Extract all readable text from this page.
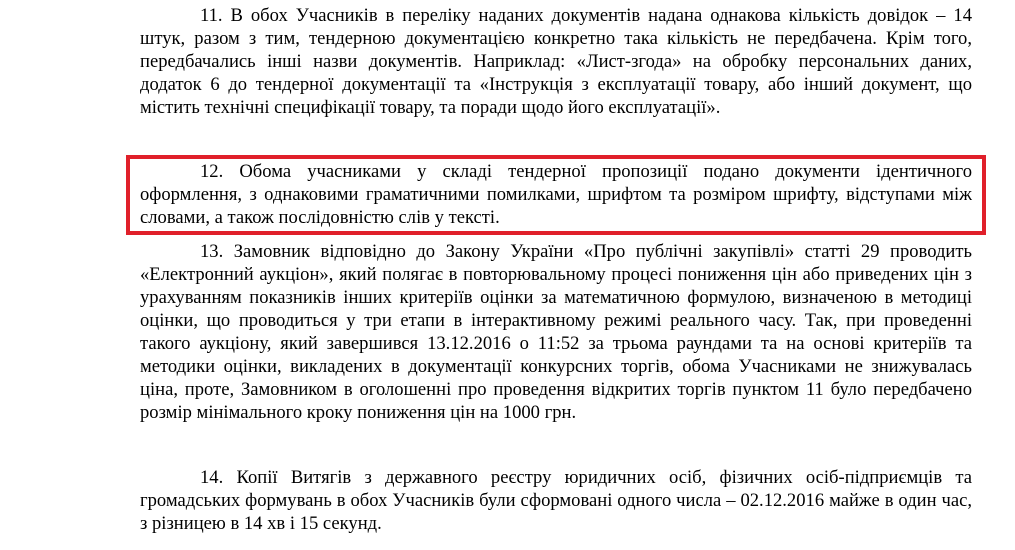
11. В обох Учасників в переліку наданих документів надана однакова кількість довідок – 14 штук, разом з тим, тендерною документацією конкретно така кількість не передбачена. Крім того, передбачались інші назви документів. Наприклад: «Лист-згода» на обробку персональних даних, додаток 6 до тендерної документації та «Інструкція з експлуатації товару, або інший документ, що містить технічні специфікації товару, та поради щодо його експлуатації».

12. Обома учасниками у складі тендерної пропозиції подано документи ідентичного оформлення, з однаковими граматичними помилками, шрифтом та розміром шрифту, відступами між словами, а також послідовністю слів у тексті.

13. Замовник відповідно до Закону України «Про публічні закупівлі» статті 29 проводить «Електронний аукціон», який полягає в повторювальному процесі пониження цін або приведених цін з урахуванням показників інших критеріїв оцінки за математичною формулою, визначеною в методиці оцінки, що проводиться у три етапи в інтерактивному режимі реального часу. Так, при проведенні такого аукціону, який завершився 13.12.2016 о 11:52 за трьома раундами та на основі критеріїв та методики оцінки, викладених в документації конкурсних торгів, обома Учасниками не знижувалась ціна, проте, Замовником в оголошенні про проведення відкритих торгів пунктом 11 було передбачено розмір мінімального кроку пониження цін на 1000 грн.

14. Копії Витягів з державного реєстру юридичних осіб, фізичних осіб-підприємців та громадських формувань в обох Учасників були сформовані одного числа – 02.12.2016 майже в один час, з різницею в 14 хв і 15 секунд.
